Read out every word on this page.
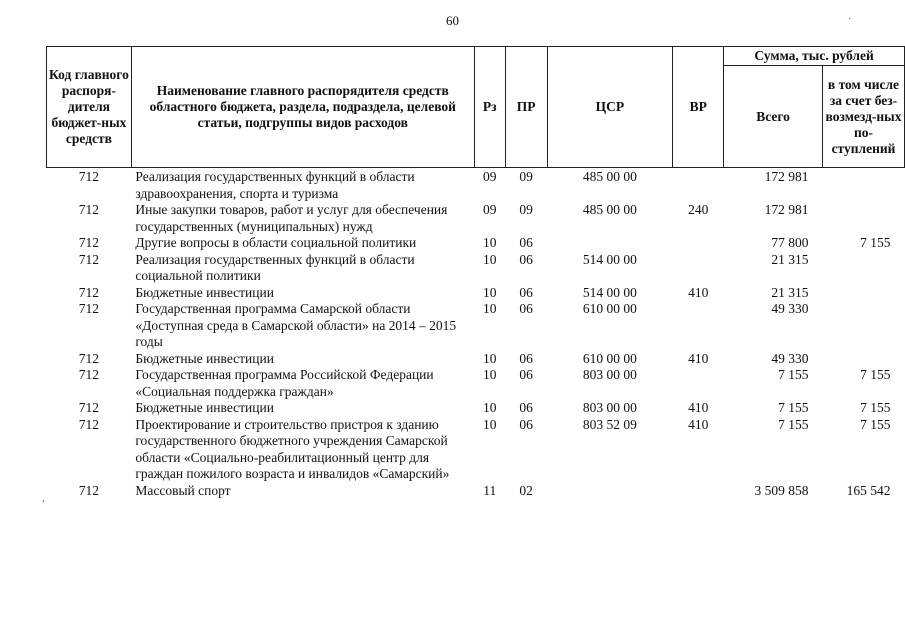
60
Код главного распоря-дителя бюджет-ных средств	Наименование главного распорядителя средств областного бюджета, раздела, подраздела, целевой статьи, подгруппы видов расходов	Рз	ПР	ЦСР	ВР	Сумма, тыс. рублей	
						Всего	в том числе за счет без-возмезд-ных по-ступлений
712	Реализация государственных функций в области здравоохранения, спорта и туризма	09	09	485 00 00		172 981	
712	Иные закупки товаров, работ и услуг для обеспечения государственных (муниципальных) нужд	09	09	485 00 00	240	172 981	
712	Другие вопросы в области социальной политики	10	06			77 800	7 155
712	Реализация государственных функций в области социальной политики	10	06	514 00 00		21 315	
712	Бюджетные инвестиции	10	06	514 00 00	410	21 315	
712	Государственная программа Самарской области «Доступная среда в Самарской области» на 2014 – 2015 годы	10	06	610 00 00		49 330	
712	Бюджетные инвестиции	10	06	610 00 00	410	49 330	
712	Государственная программа Российской Федерации «Социальная поддержка граждан»	10	06	803 00 00		7 155	7 155
712	Бюджетные инвестиции	10	06	803 00 00	410	7 155	7 155
712	Проектирование и строительство пристроя к зданию государственного бюджетного учреждения Самарской области «Социально-реабилитационный центр для граждан пожилого возраста и инвалидов «Самарский»	10	06	803 52 09	410	7 155	7 155
712	Массовый спорт	11	02			3 509 858	165 542
,
·
